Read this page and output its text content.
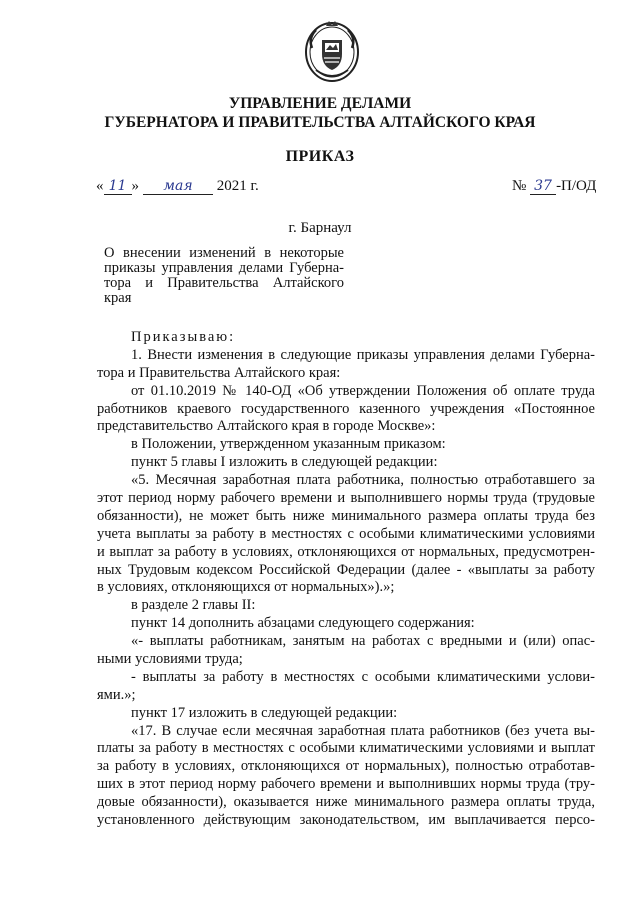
УПРАВЛЕНИЕ ДЕЛАМИ
ГУБЕРНАТОРА И ПРАВИТЕЛЬСТВА АЛТАЙСКОГО КРАЯ
ПРИКАЗ
« 11 » мая 2021 г.	№ 37 -П/ОД
г. Барнаул
О внесении изменений в некоторые
приказы управления делами Губерна-
тора и Правительства Алтайского
края
Приказываю:
1. Внести изменения в следующие приказы управления делами Губерна-
тора и Правительства Алтайского края:
от 01.10.2019 № 140-ОД «Об утверждении Положения об оплате труда
работников краевого государственного казенного учреждения «Постоянное
представительство Алтайского края в городе Москве»:
в Положении, утвержденном указанным приказом:
пункт 5 главы I изложить в следующей редакции:
«5. Месячная заработная плата работника, полностью отработавшего за
этот период норму рабочего времени и выполнившего нормы труда (трудовые
обязанности), не может быть ниже минимального размера оплаты труда без
учета выплаты за работу в местностях с особыми климатическими условиями
и выплат за работу в условиях, отклоняющихся от нормальных, предусмотрен-
ных Трудовым кодексом Российской Федерации (далее - «выплаты за работу
в условиях, отклоняющихся от нормальных»).»;
в разделе 2 главы II:
пункт 14 дополнить абзацами следующего содержания:
«- выплаты работникам, занятым на работах с вредными и (или) опас-
ными условиями труда;
- выплаты за работу в местностях с особыми климатическими услови-
ями.»;
пункт 17 изложить в следующей редакции:
«17. В случае если месячная заработная плата работников (без учета вы-
платы за работу в местностях с особыми климатическими условиями и выплат
за работу в условиях, отклоняющихся от нормальных), полностью отработав-
ших в этот период норму рабочего времени и выполнивших нормы труда (тру-
довые обязанности), оказывается ниже минимального размера оплаты труда,
установленного действующим законодательством, им выплачивается персо-
